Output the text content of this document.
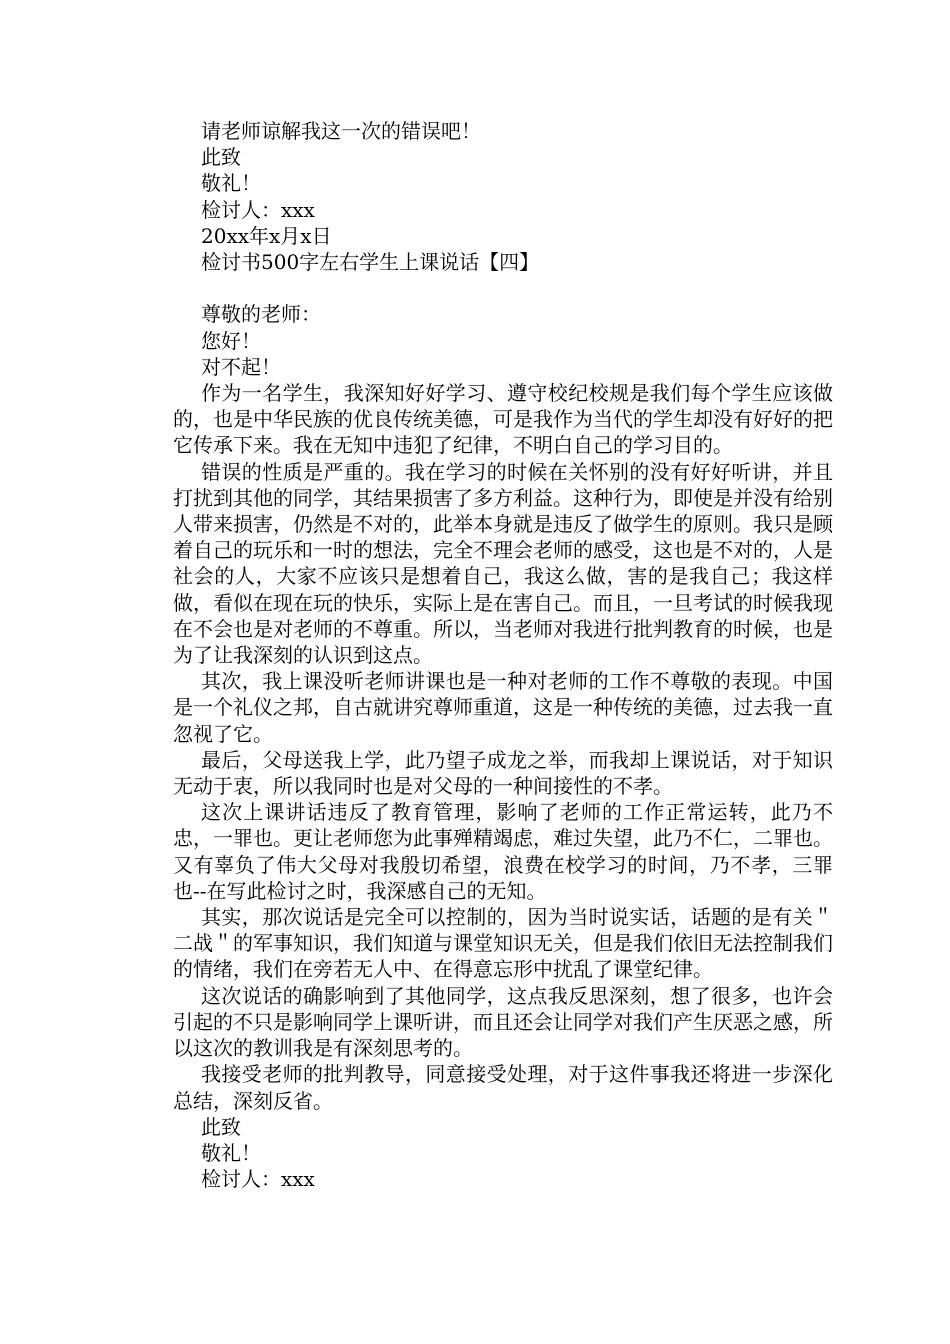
请老师谅解我这一次的错误吧！

此致

敬礼！

检讨人：xxx

20xx年x月x日

检讨书500字左右学生上课说话【四】

尊敬的老师：

您好！

对不起！

作为一名学生，我深知好好学习、遵守校纪校规是我们每个学生应该做的，也是中华民族的优良传统美德，可是我作为当代的学生却没有好好的把它传承下来。我在无知中违犯了纪律，不明白自己的学习目的。

错误的性质是严重的。我在学习的时候在关怀别的没有好好听讲，并且打扰到其他的同学，其结果损害了多方利益。这种行为，即使是并没有给别人带来损害，仍然是不对的，此举本身就是违反了做学生的原则。我只是顾着自己的玩乐和一时的想法，完全不理会老师的感受，这也是不对的，人是社会的人，大家不应该只是想着自己，我这么做，害的是我自己；我这样做，看似在现在玩的快乐，实际上是在害自己。而且，一旦考试的时候我现在不会也是对老师的不尊重。所以，当老师对我进行批判教育的时候，也是为了让我深刻的认识到这点。

其次，我上课没听老师讲课也是一种对老师的工作不尊敬的表现。中国是一个礼仪之邦，自古就讲究尊师重道，这是一种传统的美德，过去我一直忽视了它。

最后，父母送我上学，此乃望子成龙之举，而我却上课说话，对于知识无动于衷，所以我同时也是对父母的一种间接性的不孝。

这次上课讲话违反了教育管理，影响了老师的工作正常运转，此乃不忠，一罪也。更让老师您为此事殚精竭虑，难过失望，此乃不仁，二罪也。又有辜负了伟大父母对我殷切希望，浪费在校学习的时间，乃不孝，三罪也--在写此检讨之时，我深感自己的无知。

其实，那次说话是完全可以控制的，因为当时说实话，话题的是有关＂二战＂的军事知识，我们知道与课堂知识无关，但是我们依旧无法控制我们的情绪，我们在旁若无人中、在得意忘形中扰乱了课堂纪律。

这次说话的确影响到了其他同学，这点我反思深刻，想了很多，也许会引起的不只是影响同学上课听讲，而且还会让同学对我们产生厌恶之感，所以这次的教训我是有深刻思考的。

我接受老师的批判教导，同意接受处理，对于这件事我还将进一步深化总结，深刻反省。

此致

敬礼！

检讨人：xxx
